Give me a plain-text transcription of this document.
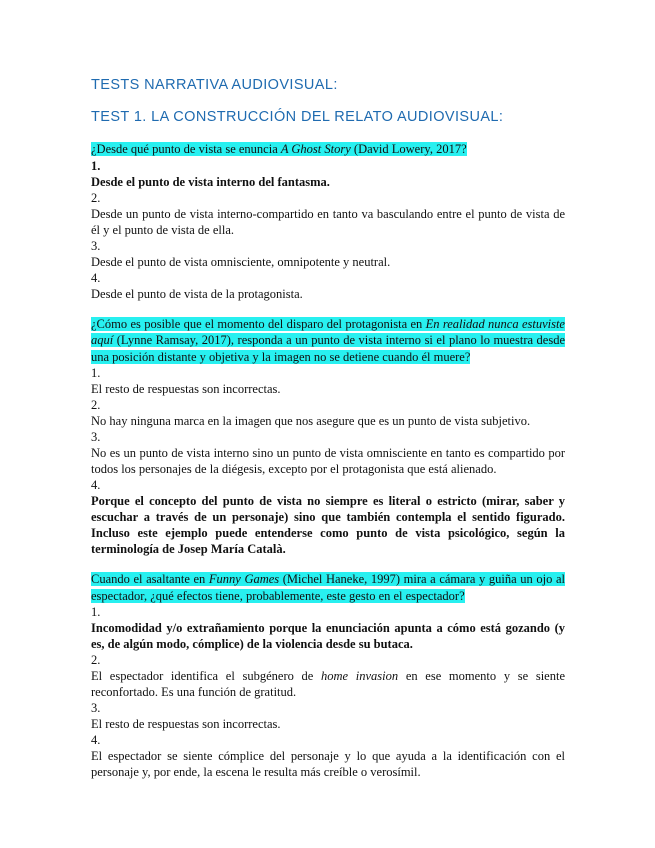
TESTS NARRATIVA AUDIOVISUAL:

TEST 1. LA CONSTRUCCIÓN DEL RELATO AUDIOVISUAL:

¿Desde qué punto de vista se enuncia A Ghost Story (David Lowery, 2017?

1.

Desde el punto de vista interno del fantasma.

2.

Desde un punto de vista interno-compartido en tanto va basculando entre el punto de vista de él y el punto de vista de ella.

3.

Desde el punto de vista omnisciente, omnipotente y neutral.

4.

Desde el punto de vista de la protagonista.

¿Cómo es posible que el momento del disparo del protagonista en En realidad nunca estuviste aquí (Lynne Ramsay, 2017), responda a un punto de vista interno si el plano lo muestra desde una posición distante y objetiva y la imagen no se detiene cuando él muere?

1.

El resto de respuestas son incorrectas.

2.

No hay ninguna marca en la imagen que nos asegure que es un punto de vista subjetivo.

3.

No es un punto de vista interno sino un punto de vista omnisciente en tanto es compartido por todos los personajes de la diégesis, excepto por el protagonista que está alienado.

4.

Porque el concepto del punto de vista no siempre es literal o estricto (mirar, saber y escuchar a través de un personaje) sino que también contempla el sentido figurado. Incluso este ejemplo puede entenderse como punto de vista psicológico, según la terminología de Josep María Català.

Cuando el asaltante en Funny Games (Michel Haneke, 1997) mira a cámara y guiña un ojo al espectador, ¿qué efectos tiene, probablemente, este gesto en el espectador?

1.

Incomodidad y/o extrañamiento porque la enunciación apunta a cómo está gozando (y es, de algún modo, cómplice) de la violencia desde su butaca.

2.

El espectador identifica el subgénero de home invasion en ese momento y se siente reconfortado. Es una función de gratitud.

3.

El resto de respuestas son incorrectas.

4.

El espectador se siente cómplice del personaje y lo que ayuda a la identificación con el personaje y, por ende, la escena le resulta más creíble o verosímil.
